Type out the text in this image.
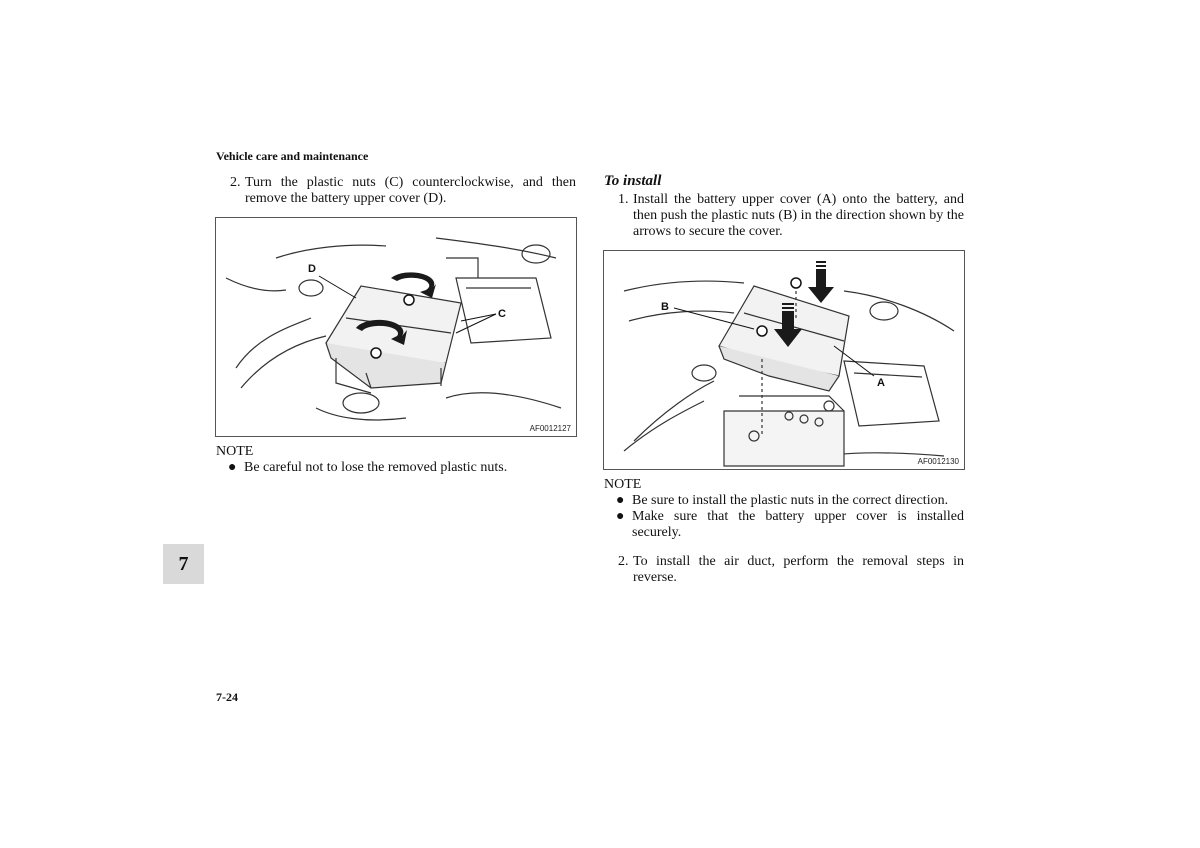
Vehicle care and maintenance
2. Turn the plastic nuts (C) counterclockwise, and then remove the battery upper cover (D).
D
C
AF0012127
NOTE
● Be careful not to lose the removed plastic nuts.
To install
1. Install the battery upper cover (A) onto the battery, and then push the plastic nuts (B) in the direction shown by the arrows to secure the cover.
B
A
AF0012130
NOTE
● Be sure to install the plastic nuts in the correct direction.
● Make sure that the battery upper cover is installed securely.
2. To install the air duct, perform the removal steps in reverse.
7
7-24
